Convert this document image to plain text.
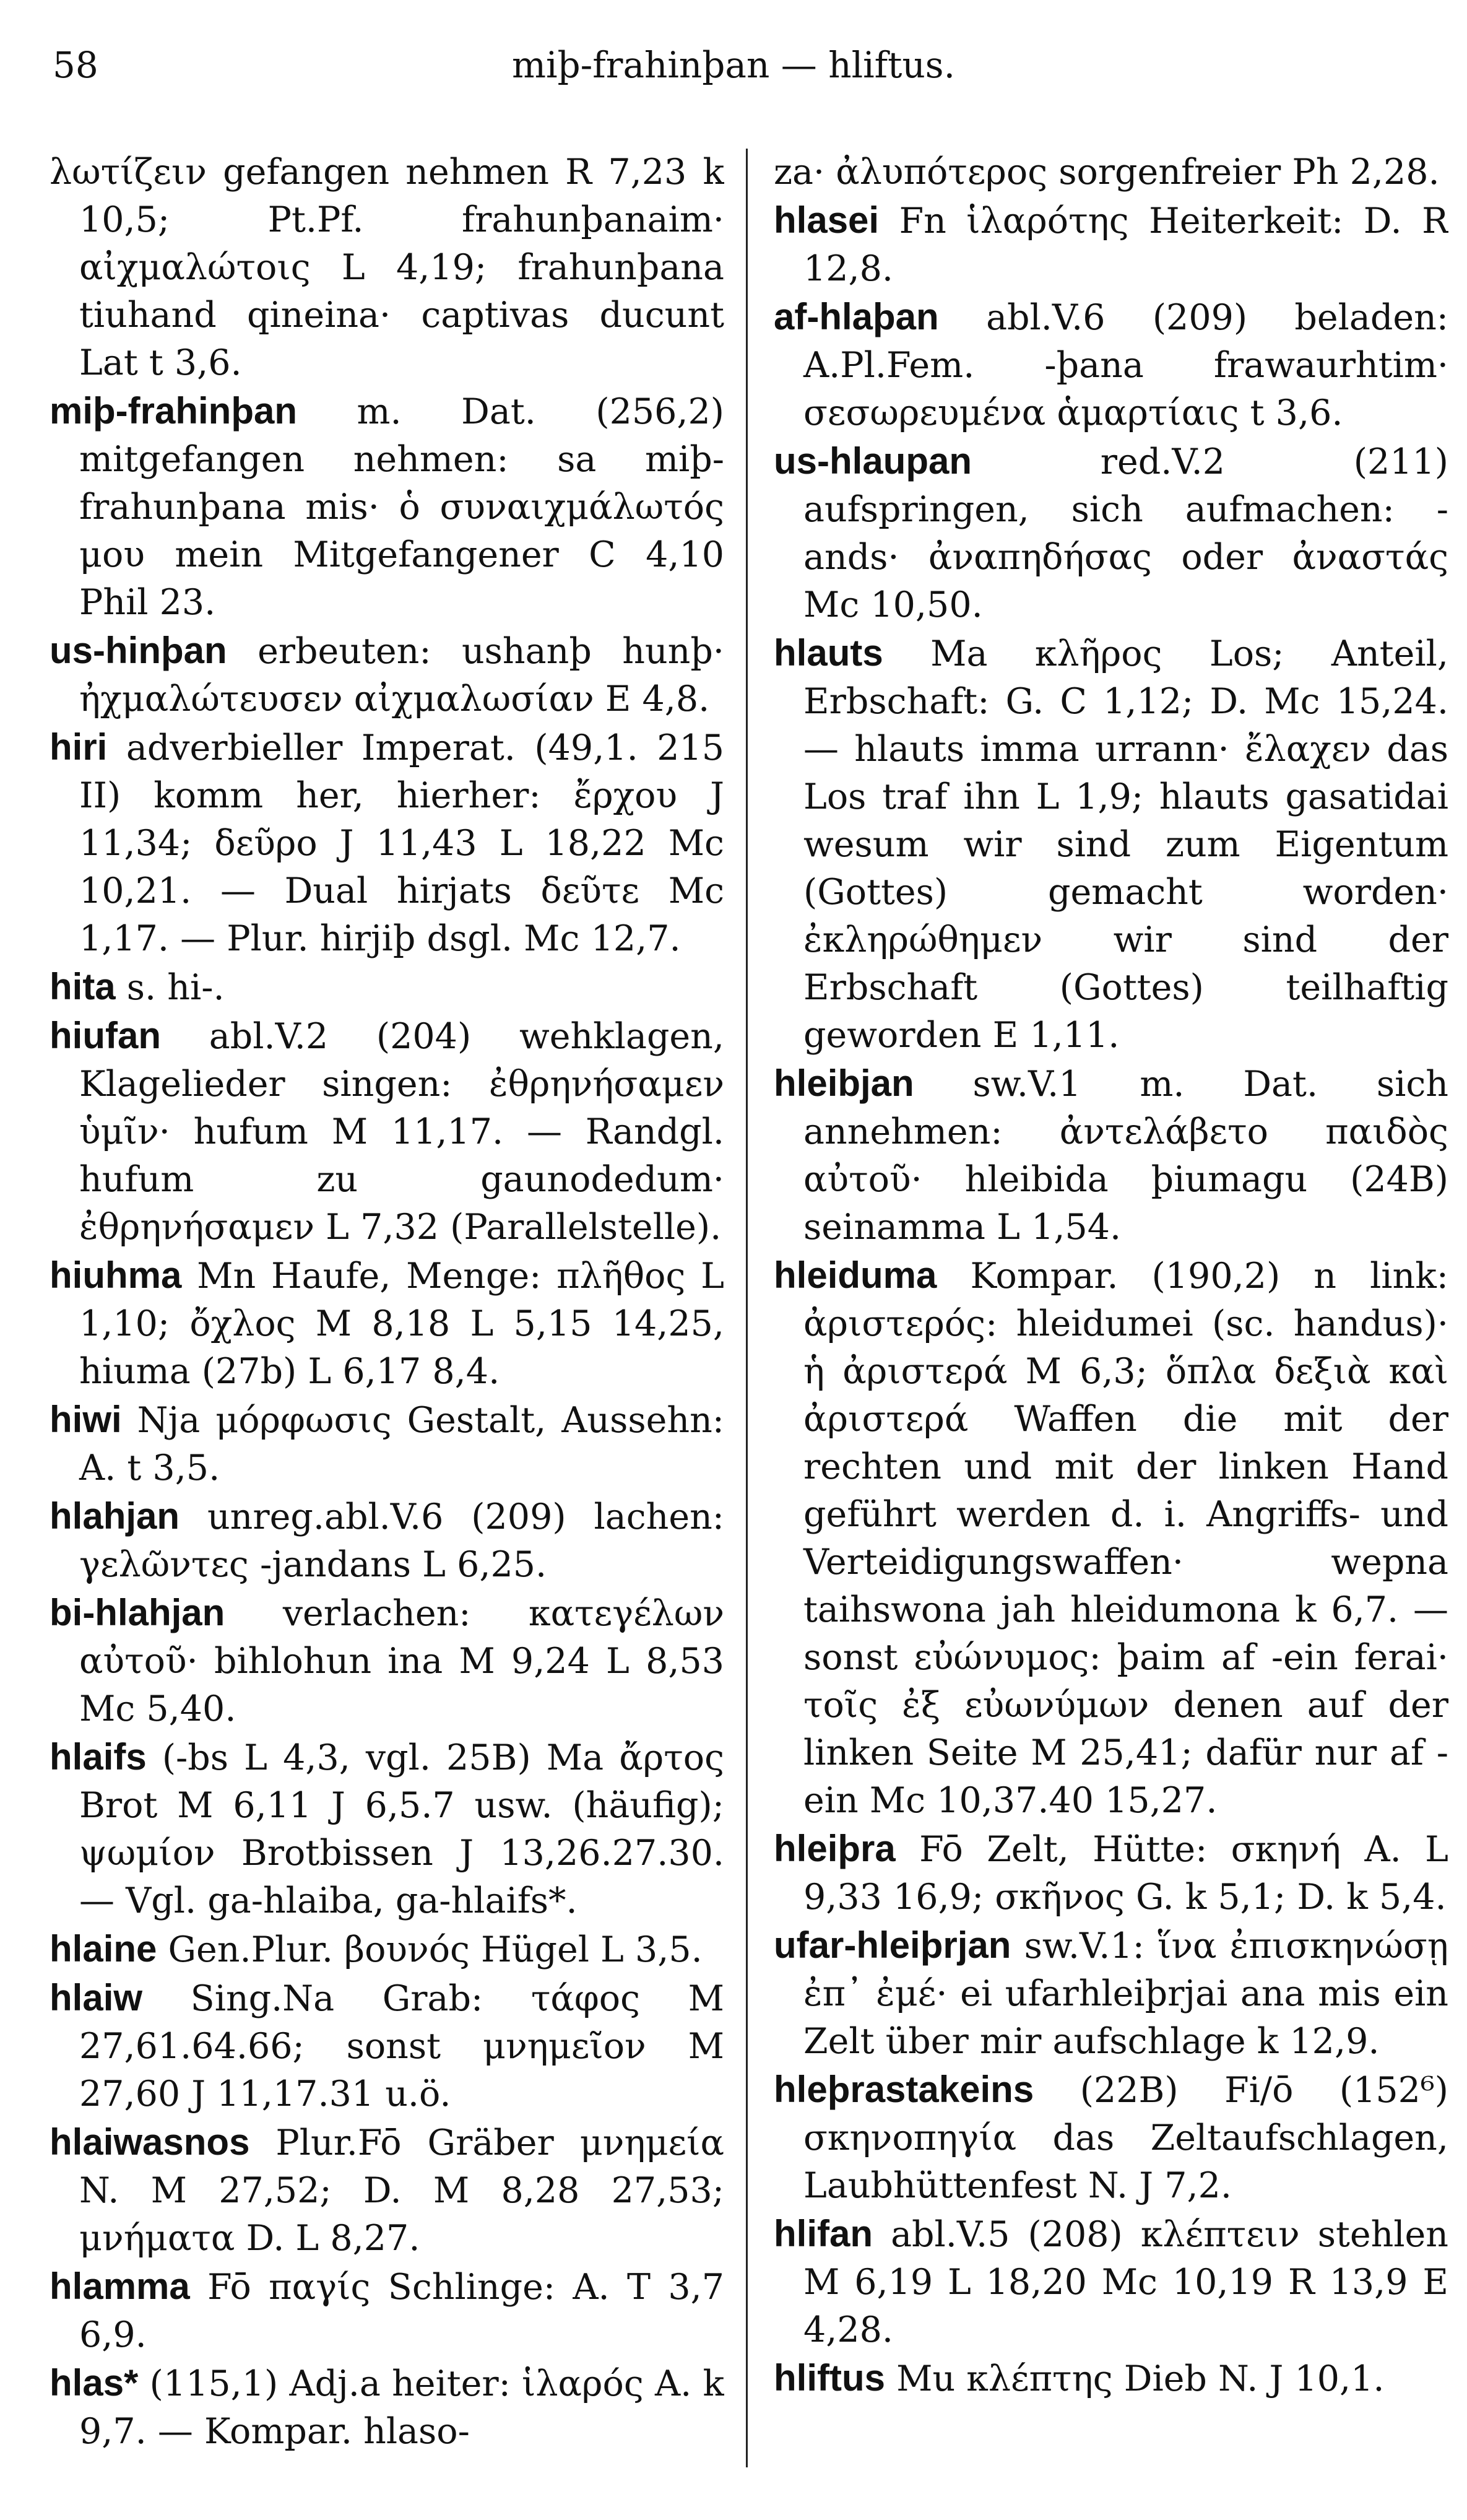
58	miþ-frahinþan — hliftus.

λωτίζειν gefangen nehmen R 7,23 k 10,5; Pt.Pf. frahunþanaim· αἰχμαλώτοις L 4,19; frahunþana tiuhand qineina· captivas ducunt Lat t 3,6.

miþ-frahinþan m. Dat. (256,2) mitgefangen nehmen: sa miþ-frahunþana mis· ὁ συναιχμάλωτός μου mein Mitgefangener C 4,10 Phil 23.

us-hinþan erbeuten: ushanþ hunþ· ἠχμαλώτευσεν αἰχμαλωσίαν E 4,8.

hiri adverbieller Imperat. (49,1. 215 II) komm her, hierher: ἔρχου J 11,34; δεῦρο J 11,43 L 18,22 Mc 10,21. — Dual hirjats δεῦτε Mc 1,17. — Plur. hirjiþ dsgl. Mc 12,7.

hita s. hi-.

hiufan abl.V.2 (204) wehklagen, Klagelieder singen: ἐθρηνήσαμεν ὑμῖν· hufum M 11,17. — Randgl. hufum zu gaunodedum· ἐθρηνήσαμεν L 7,32 (Parallelstelle).

hiuhma Mn Haufe, Menge: πλῆθος L 1,10; ὄχλος M 8,18 L 5,15 14,25, hiuma (27b) L 6,17 8,4.

hiwi Nja μόρφωσις Gestalt, Aussehn: A. t 3,5.

hlahjan unreg.abl.V.6 (209) lachen: γελῶντες -jandans L 6,25.

bi-hlahjan verlachen: κατεγέλων αὐτοῦ· bihlohun ina M 9,24 L 8,53 Mc 5,40.

hlaifs (-bs L 4,3, vgl. 25B) Ma ἄρτος Brot M 6,11 J 6,5.7 usw. (häufig); ψωμίον Brotbissen J 13,26.27.30. — Vgl. ga-hlaiba, ga-hlaifs*.

hlaine Gen.Plur. βουνός Hügel L 3,5.

hlaiw Sing.Na Grab: τάφος M 27,61.64.66; sonst μνημεῖον M 27,60 J 11,17.31 u.ö.

hlaiwasnos Plur.Fō Gräber μνημεία N. M 27,52; D. M 8,28 27,53; μνήματα D. L 8,27.

hlamma Fō παγίς Schlinge: A. T 3,7 6,9.

hlas* (115,1) Adj.a heiter: ἱλαρός A. k 9,7. — Kompar. hlaso-

za· ἀλυπότερος sorgenfreier Ph 2,28.

hlasei Fn ἱλαρότης Heiterkeit: D. R 12,8.

af-hlaþan abl.V.6 (209) beladen: A.Pl.Fem. -þana frawaurhtim· σεσωρευμένα ἁμαρτίαις t 3,6.

us-hlaupan	red.V.2 (211) aufspringen, sich aufmachen: -ands· ἀναπηδήσας oder ἀναστάς Mc 10,50.

hlauts Ma κλῆρος Los; Anteil, Erbschaft: G. C 1,12; D. Mc 15,24. — hlauts imma urrann· ἔλαχεν das Los traf ihn L 1,9; hlauts gasatidai wesum wir sind zum Eigentum (Gottes) gemacht worden· ἐκληρώθημεν wir sind der Erbschaft (Gottes) teilhaftig geworden E 1,11.

hleibjan sw.V.1 m. Dat. sich annehmen: ἀντελάβετο παιδὸς αὐτοῦ· hleibida þiumagu (24B) seinamma L 1,54.

hleiduma Kompar. (190,2) n link: ἀριστερός: hleidumei (sc. handus)· ἡ ἀριστερά M 6,3; ὅπλα δεξιὰ καὶ ἀριστερά Waffen die mit der rechten und mit der linken Hand geführt werden d. i. Angriffs- und Verteidigungswaffen· wepna taihswona jah hleidumona k 6,7. — sonst εὐώνυμος: þaim af -ein ferai· τοῖς ἐξ εὐωνύμων denen auf der linken Seite M 25,41; dafür nur af -ein Mc 10,37.40 15,27.

hleiþra Fō Zelt, Hütte: σκηνή A. L 9,33 16,9; σκῆνος G. k 5,1; D. k 5,4.

ufar-hleiþrjan sw.V.1: ἵνα ἐπισκηνώσῃ ἐπ᾽ ἐμέ· ei ufarhleiþrjai ana mis ein Zelt über mir aufschlage k 12,9.

hleþrastakeins (22B) Fi/ō (152⁶) σκηνοπηγία das Zeltaufschlagen, Laubhüttenfest N. J 7,2.

hlifan abl.V.5 (208) κλέπτειν stehlen M 6,19 L 18,20 Mc 10,19 R 13,9 E 4,28.

hliftus Mu κλέπτης Dieb N. J 10,1.
